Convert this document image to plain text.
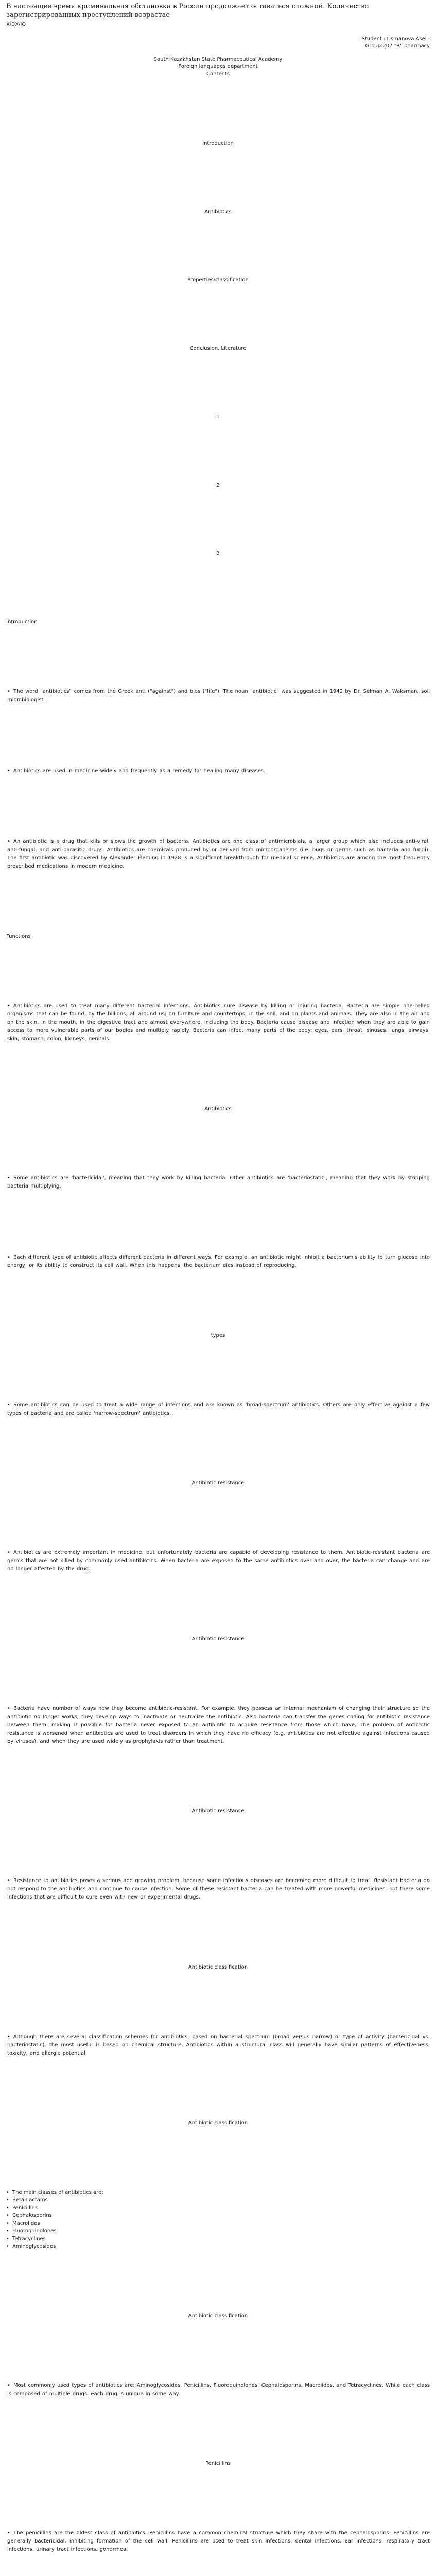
В настоящее время криминальная обстановка в России продолжает оставаться сложной. Количество зарегистрированных преступлений возрастае

Х/ЭХ/Ю

Student : Usmanova Asel .
Group:207 "R" pharmacy
South Kazakhstan State Pharmaceutical Academy
Foreign languages department
Contents

Introduction

Antibiotics

Properties/classification

Conclusion. Literature

1

2

3

Introduction

• The word "antibiotics" comes from the Greek anti ("against") and bios ("life"). The noun "antibiotic" was suggested in 1942 by Dr. Selman A. Waksman, soil microbiologist .

• Antibiotics are used in medicine widely and frequently as a remedy for healing many diseases.

• An antibiotic is a drug that kills or slows the growth of bacteria. Antibiotics are one class of antimicrobials, a larger group which also includes anti-viral, anti-fungal, and anti-parasitic drugs. Antibiotics are chemicals produced by or derived from microorganisms (i.e. bugs or germs such as bacteria and fungi). The first antibiotic was discovered by Alexander Fleming in 1928 is a significant breakthrough for medical science. Antibiotics are among the most frequently prescribed medications in modern medicine.

Functions

• Antibiotics are used to treat many different bacterial infections. Antibiotics cure disease by killing or injuring bacteria. Bacteria are simple one-celled organisms that can be found, by the billions, all around us: on furniture and countertops, in the soil, and on plants and animals. They are also in the air and on the skin, in the mouth, in the digestive tract and almost everywhere, including the body. Bacteria cause disease and infection when they are able to gain access to more vulnerable parts of our bodies and multiply rapidly. Bacteria can infect many parts of the body: eyes, ears, throat, sinuses, lungs, airways, skin, stomach, colon, kidneys, genitals.

Antibiotics

• Some antibiotics are 'bactericidal', meaning that they work by killing bacteria. Other antibiotics are 'bacteriostatic', meaning that they work by stopping bacteria multiplying.

• Each different type of antibiotic affects different bacteria in different ways. For example, an antibiotic might inhibit a bacterium's ability to turn glucose into energy, or its ability to construct its cell wall. When this happens, the bacterium dies instead of reproducing.

types

• Some antibiotics can be used to treat a wide range of infections and are known as 'broad-spectrum' antibiotics. Others are only effective against a few types of bacteria and are called 'narrow-spectrum' antibiotics.

Antibiotic resistance

• Antibiotics are extremely important in medicine, but unfortunately bacteria are capable of developing resistance to them. Antibiotic-resistant bacteria are germs that are not killed by commonly used antibiotics. When bacteria are exposed to the same antibiotics over and over, the bacteria can change and are no longer affected by the drug.

Antibiotic resistance

• Bacteria have number of ways how they become antibiotic-resistant. For example, they possess an internal mechanism of changing their structure so the antibiotic no longer works, they develop ways to inactivate or neutralize the antibiotic. Also bacteria can transfer the genes coding for antibiotic resistance between them, making it possible for bacteria never exposed to an antibiotic to acquire resistance from those which have. The problem of antibiotic resistance is worsened when antibiotics are used to treat disorders in which they have no efficacy (e.g. antibiotics are not effective against infections caused by viruses), and when they are used widely as prophylaxis rather than treatment.

Antibiotic resistance

• Resistance to antibiotics poses a serious and growing problem, because some infectious diseases are becoming more difficult to treat. Resistant bacteria do not respond to the antibiotics and continue to cause infection. Some of these resistant bacteria can be treated with more powerful medicines, but there some infections that are difficult to cure even with new or experimental drugs.

Antibiotic classification

• Although there are several classification schemes for antibiotics, based on bacterial spectrum (broad versus narrow) or type of activity (bactericidal vs. bacteriostatic), the most useful is based on chemical structure. Antibiotics within a structural class will generally have similar patterns of effectiveness, toxicity, and allergic potential.

Antibiotic classification

• The main classes of antibiotics are:

• Beta-Lactams

• Penicillins

• Cephalosporins

• Macrolides

• Fluoroquinolones

• Tetracyclines

• Aminoglycosides

Antibiotic classification

• Most commonly used types of antibiotics are: Aminoglycosides, Penicillins, Fluoroquinolones, Cephalosporins, Macrolides, and Tetracyclines. While each class is composed of multiple drugs, each drug is unique in some way.

Penicillins

• The penicillins are the oldest class of antibiotics. Penicillins have a common chemical structure which they share with the cephalosporins. Penicillins are generally bactericidal, inhibiting formation of the cell wall. Penicillins are used to treat skin infections, dental infections, ear infections, respiratory tract infections, urinary tract infections, gonorrhea.
